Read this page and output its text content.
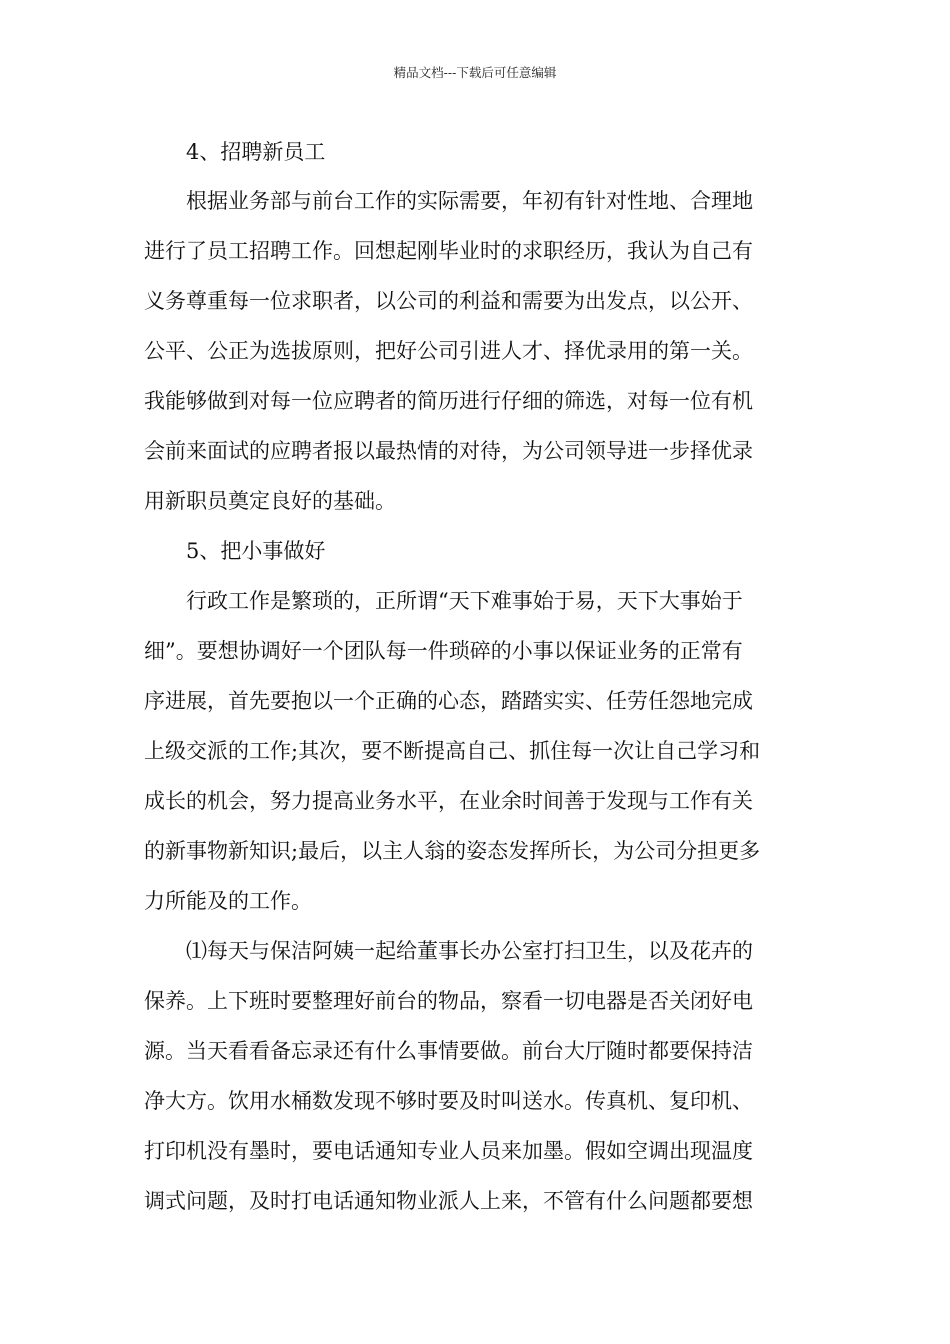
精品文档---下载后可任意编辑
4、招聘新员工
根据业务部与前台工作的实际需要，年初有针对性地、合理地
进行了员工招聘工作。回想起刚毕业时的求职经历，我认为自己有
义务尊重每一位求职者，以公司的利益和需要为出发点，以公开、
公平、公正为选拔原则，把好公司引进人才、择优录用的第一关。
我能够做到对每一位应聘者的简历进行仔细的筛选，对每一位有机
会前来面试的应聘者报以最热情的对待，为公司领导进一步择优录
用新职员奠定良好的基础。
5、把小事做好
行政工作是繁琐的，正所谓“天下难事始于易，天下大事始于
细”。要想协调好一个团队每一件琐碎的小事以保证业务的正常有
序进展，首先要抱以一个正确的心态，踏踏实实、任劳任怨地完成
上级交派的工作;其次，要不断提高自己、抓住每一次让自己学习和
成长的机会，努力提高业务水平，在业余时间善于发现与工作有关
的新事物新知识;最后，以主人翁的姿态发挥所长，为公司分担更多
力所能及的工作。
⑴每天与保洁阿姨一起给董事长办公室打扫卫生，以及花卉的
保养。上下班时要整理好前台的物品，察看一切电器是否关闭好电
源。当天看看备忘录还有什么事情要做。前台大厅随时都要保持洁
净大方。饮用水桶数发现不够时要及时叫送水。传真机、复印机、
打印机没有墨时，要电话通知专业人员来加墨。假如空调出现温度
调式问题，及时打电话通知物业派人上来，不管有什么问题都要想
